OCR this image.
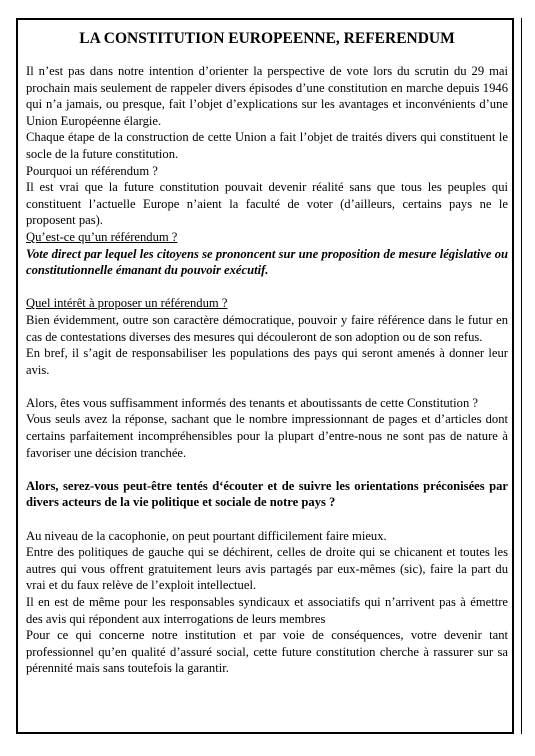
LA CONSTITUTION EUROPEENNE, REFERENDUM

Il n’est pas dans notre intention d’orienter la perspective de vote lors du scrutin du 29 mai prochain mais seulement de rappeler divers épisodes d’une constitution en marche depuis 1946 qui n’a jamais, ou presque, fait l’objet d’explications sur les avantages et inconvénients d’une Union Européenne élargie.

Chaque étape de la construction de cette Union a fait l’objet de traités divers qui constituent le socle de la future constitution.

Pourquoi un référendum ?

Il est vrai que la future constitution pouvait devenir réalité sans que tous les peuples qui constituent l’actuelle Europe n’aient la faculté de voter (d’ailleurs, certains pays ne le proposent pas).

Qu’est-ce qu’un référendum ?

Vote direct par lequel les citoyens se prononcent sur une proposition de mesure législative ou constitutionnelle émanant du pouvoir exécutif.

Quel intérêt à proposer un référendum ?

Bien évidemment, outre son caractère démocratique, pouvoir y faire référence dans le futur en cas de contestations diverses des mesures qui découleront de son adoption ou de son refus.

En bref, il s’agit de responsabiliser les populations des pays qui seront amenés à donner leur avis.

Alors, êtes vous suffisamment informés des tenants et aboutissants de cette Constitution ?

Vous seuls avez la réponse, sachant que le nombre impressionnant de pages et d’articles dont certains parfaitement incompréhensibles pour la plupart d’entre-nous ne sont pas de nature à favoriser une décision tranchée.

Alors, serez-vous peut-être tentés d‘écouter et de suivre les orientations préconisées par divers acteurs de la vie politique et sociale de notre pays ?

Au niveau de la cacophonie, on peut pourtant difficilement faire mieux.

Entre des politiques de gauche qui se déchirent, celles de droite qui se chicanent et toutes les autres qui vous offrent gratuitement leurs avis partagés par eux-mêmes (sic), faire la part du vrai et du faux relève de l’exploit intellectuel.

Il en est de même pour les responsables syndicaux et associatifs qui n’arrivent pas à émettre des avis qui répondent aux interrogations de leurs membres

Pour ce qui concerne notre institution et par voie de conséquences, votre devenir tant professionnel qu’en qualité d’assuré social, cette future constitution cherche à rassurer sur sa pérennité mais sans toutefois la garantir.
